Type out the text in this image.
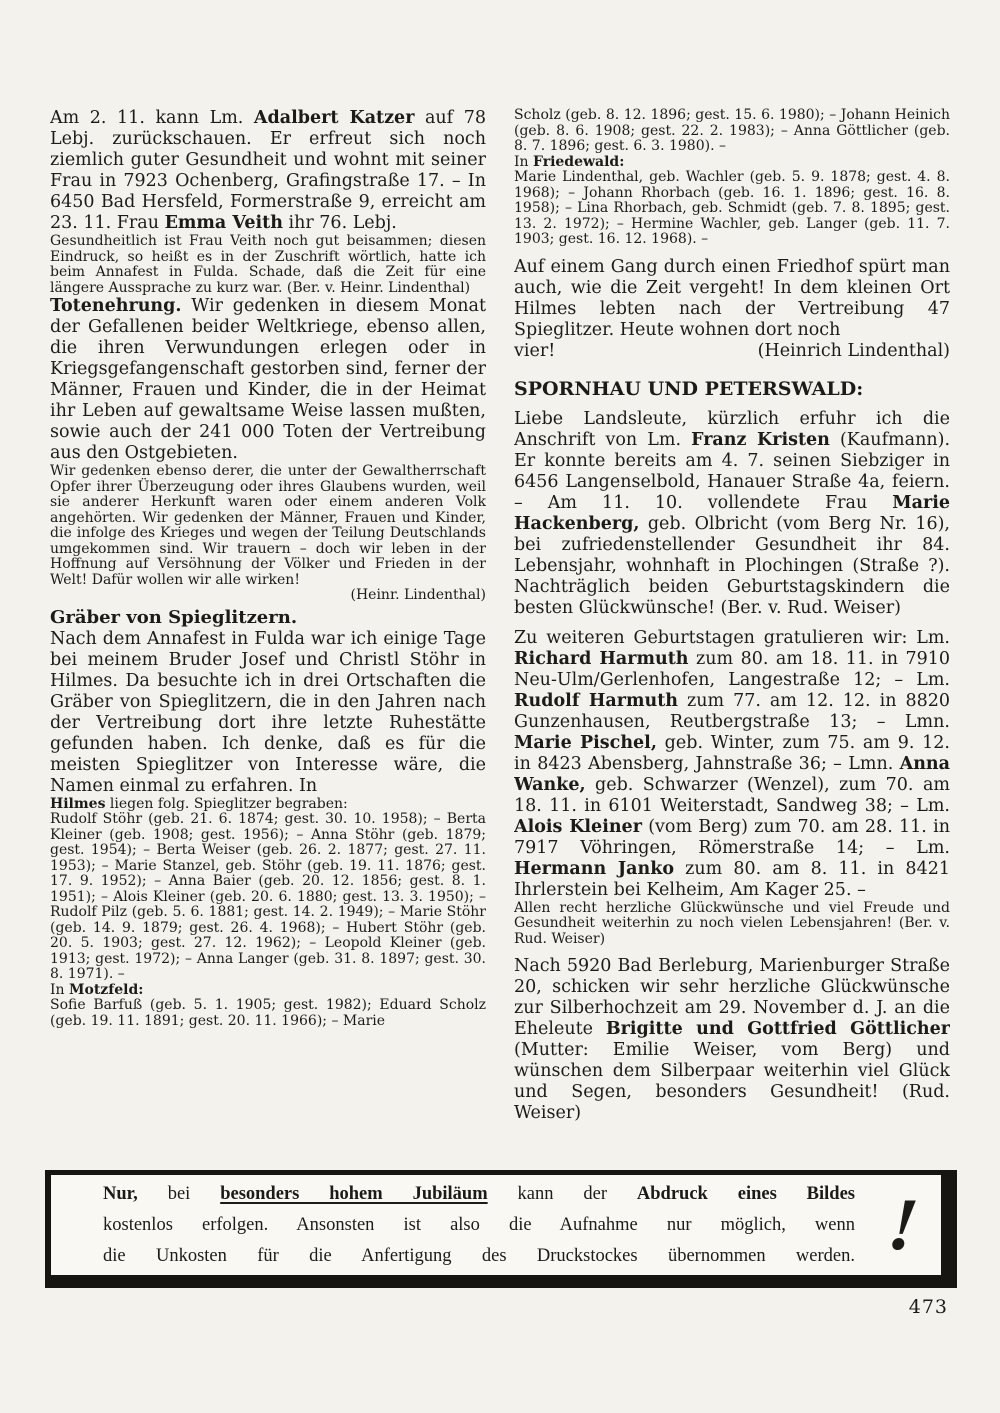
Am 2. 11. kann Lm. Adalbert Katzer auf 78 Lebj. zurückschauen. Er erfreut sich noch ziemlich guter Gesundheit und wohnt mit seiner Frau in 7923 Ochenberg, Grafingstraße 17. – In 6450 Bad Hersfeld, Formerstraße 9, erreicht am 23. 11. Frau Emma Veith ihr 76. Lebj.
Gesundheitlich ist Frau Veith noch gut beisammen; diesen Eindruck, so heißt es in der Zuschrift wörtlich, hatte ich beim Annafest in Fulda. Schade, daß die Zeit für eine längere Aussprache zu kurz war. (Ber. v. Heinr. Lindenthal)
Totenehrung. Wir gedenken in diesem Monat der Gefallenen beider Weltkriege, ebenso allen, die ihren Verwundungen erlegen oder in Kriegsgefangenschaft gestorben sind, ferner der Männer, Frauen und Kinder, die in der Heimat ihr Leben auf gewaltsame Weise lassen mußten, sowie auch der 241 000 Toten der Vertreibung aus den Ostgebieten.
Wir gedenken ebenso derer, die unter der Gewaltherrschaft Opfer ihrer Überzeugung oder ihres Glaubens wurden, weil sie anderer Herkunft waren oder einem anderen Volk angehörten. Wir gedenken der Männer, Frauen und Kinder, die infolge des Krieges und wegen der Teilung Deutschlands umgekommen sind. Wir trauern – doch wir leben in der Hoffnung auf Versöhnung der Völker und Frieden in der Welt! Dafür wollen wir alle wirken!
(Heinr. Lindenthal)
Gräber von Spieglitzern.
Nach dem Annafest in Fulda war ich einige Tage bei meinem Bruder Josef und Christl Stöhr in Hilmes. Da besuchte ich in drei Ortschaften die Gräber von Spieglitzern, die in den Jahren nach der Vertreibung dort ihre letzte Ruhestätte gefunden haben. Ich denke, daß es für die meisten Spieglitzer von Interesse wäre, die Namen einmal zu erfahren. In
Hilmes liegen folg. Spieglitzer begraben:
Rudolf Stöhr (geb. 21. 6. 1874; gest. 30. 10. 1958); – Berta Kleiner (geb. 1908; gest. 1956); – Anna Stöhr (geb. 1879; gest. 1954); – Berta Weiser (geb. 26. 2. 1877; gest. 27. 11. 1953); – Marie Stanzel, geb. Stöhr (geb. 19. 11. 1876; gest. 17. 9. 1952); – Anna Baier (geb. 20. 12. 1856; gest. 8. 1. 1951); – Alois Kleiner (geb. 20. 6. 1880; gest. 13. 3. 1950); – Rudolf Pilz (geb. 5. 6. 1881; gest. 14. 2. 1949); – Marie Stöhr (geb. 14. 9. 1879; gest. 26. 4. 1968); – Hubert Stöhr (geb. 20. 5. 1903; gest. 27. 12. 1962); – Leopold Kleiner (geb. 1913; gest. 1972); – Anna Langer (geb. 31. 8. 1897; gest. 30. 8. 1971). –
In Motzfeld:
Sofie Barfuß (geb. 5. 1. 1905; gest. 1982); Eduard Scholz (geb. 19. 11. 1891; gest. 20. 11. 1966); – Marie
Scholz (geb. 8. 12. 1896; gest. 15. 6. 1980); – Johann Heinich (geb. 8. 6. 1908; gest. 22. 2. 1983); – Anna Göttlicher (geb. 8. 7. 1896; gest. 6. 3. 1980). –
In Friedewald:
Marie Lindenthal, geb. Wachler (geb. 5. 9. 1878; gest. 4. 8. 1968); – Johann Rhorbach (geb. 16. 1. 1896; gest. 16. 8. 1958); – Lina Rhorbach, geb. Schmidt (geb. 7. 8. 1895; gest. 13. 2. 1972); – Hermine Wachler, geb. Langer (geb. 11. 7. 1903; gest. 16. 12. 1968). –
Auf einem Gang durch einen Friedhof spürt man auch, wie die Zeit vergeht! In dem kleinen Ort Hilmes lebten nach der Vertreibung 47 Spieglitzer. Heute wohnen dort noch
vier!	(Heinrich Lindenthal)
SPORNHAU UND PETERSWALD:
Liebe Landsleute, kürzlich erfuhr ich die Anschrift von Lm. Franz Kristen (Kaufmann). Er konnte bereits am 4. 7. seinen Siebziger in 6456 Langenselbold, Hanauer Straße 4a, feiern. – Am 11. 10. vollendete Frau Marie Hackenberg, geb. Olbricht (vom Berg Nr. 16), bei zufriedenstellender Gesundheit ihr 84. Lebensjahr, wohnhaft in Plochingen (Straße ?). Nachträglich beiden Geburtstagskindern die besten Glückwünsche! (Ber. v. Rud. Weiser)
Zu weiteren Geburtstagen gratulieren wir: Lm. Richard Harmuth zum 80. am 18. 11. in 7910 Neu-Ulm/Gerlenhofen, Langestraße 12; – Lm. Rudolf Harmuth zum 77. am 12. 12. in 8820 Gunzenhausen, Reutbergstraße 13; – Lmn. Marie Pischel, geb. Winter, zum 75. am 9. 12. in 8423 Abensberg, Jahnstraße 36; – Lmn. Anna Wanke, geb. Schwarzer (Wenzel), zum 70. am 18. 11. in 6101 Weiterstadt, Sandweg 38; – Lm. Alois Kleiner (vom Berg) zum 70. am 28. 11. in 7917 Vöhringen, Römerstraße 14; – Lm. Hermann Janko zum 80. am 8. 11. in 8421 Ihrlerstein bei Kelheim, Am Kager 25. –
Allen recht herzliche Glückwünsche und viel Freude und Gesundheit weiterhin zu noch vielen Lebensjahren! (Ber. v. Rud. Weiser)
Nach 5920 Bad Berleburg, Marienburger Straße 20, schicken wir sehr herzliche Glückwünsche zur Silberhochzeit am 29. November d. J. an die Eheleute Brigitte und Gottfried Göttlicher (Mutter: Emilie Weiser, vom Berg) und wünschen dem Silberpaar weiterhin viel Glück und Segen, besonders Gesundheit! (Rud. Weiser)
Nur, bei besonders hohem Jubiläum kann der Abdruck eines Bildes
kostenlos erfolgen. Ansonsten ist also die Aufnahme nur möglich, wenn
die Unkosten für die Anfertigung des Druckstockes übernommen werden. !
473
